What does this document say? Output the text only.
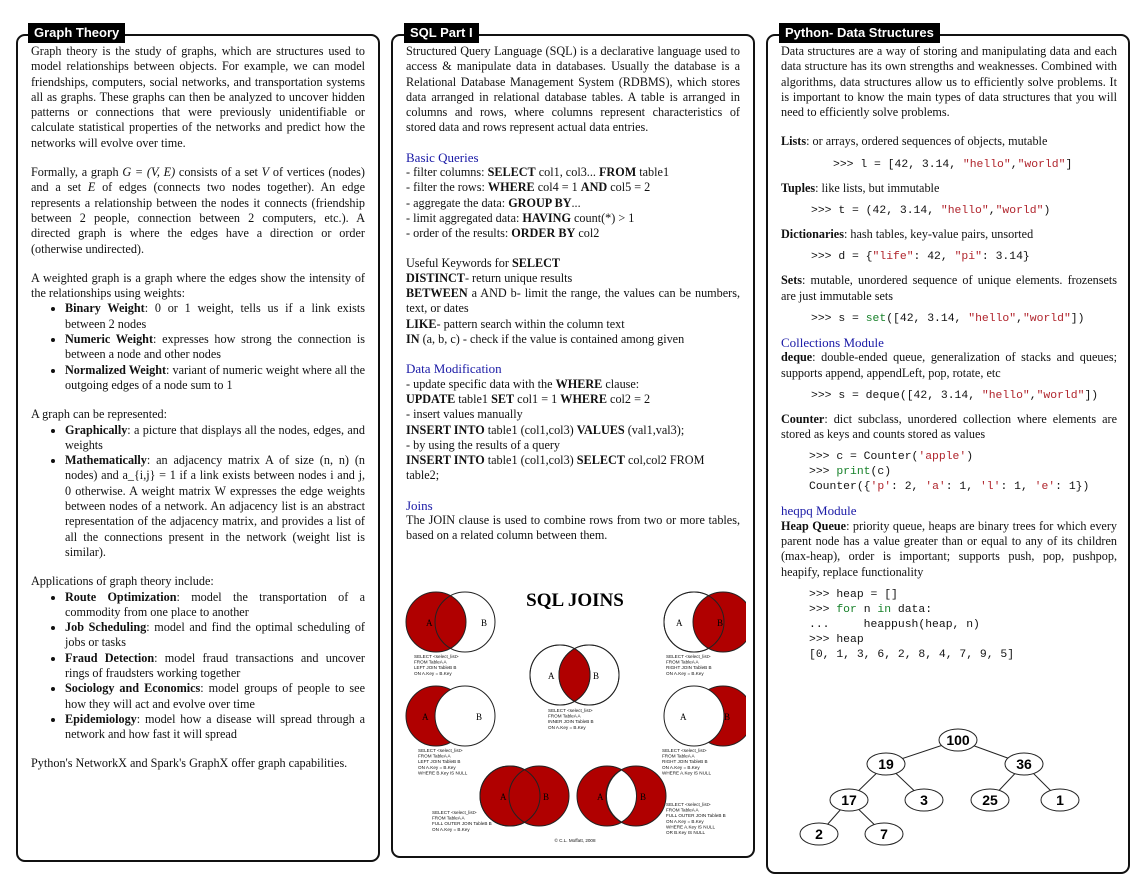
Graph Theory

Graph theory is the study of graphs, which are structures used to model relationships between objects. For example, we can model friendships, computers, social networks, and transportation systems all as graphs. These graphs can then be analyzed to uncover hidden patterns or connections that were previously unidentifiable or calculate statistical properties of the networks and predict how the networks will evolve over time.

Formally, a graph G = (V, E) consists of a set V of vertices (nodes) and a set E of edges (connects two nodes together). An edge represents a relationship between the nodes it connects (friendship between 2 people, connection between 2 computers, etc.). A directed graph is where the edges have a direction or order (otherwise undirected).

A weighted graph is a graph where the edges show the intensity of the relationships using weights:

• Binary Weight: 0 or 1 weight, tells us if a link exists between 2 nodes
• Numeric Weight: expresses how strong the connection is between a node and other nodes
• Normalized Weight: variant of numeric weight where all the outgoing edges of a node sum to 1

A graph can be represented:

• Graphically: a picture that displays all the nodes, edges, and weights
• Mathematically: an adjacency matrix A of size (n, n) (n nodes) and a_{i,j} = 1 if a link exists between nodes i and j, 0 otherwise. A weight matrix W expresses the edge weights between nodes of a network. An adjacency list is an abstract representation of the adjacency matrix, and provides a list of all the connections present in the network (weight list is similar).

Applications of graph theory include:

• Route Optimization: model the transportation of a commodity from one place to another
• Job Scheduling: model and find the optimal scheduling of jobs or tasks
• Fraud Detection: model fraud transactions and uncover rings of fraudsters working together
• Sociology and Economics: model groups of people to see how they will act and evolve over time
• Epidemiology: model how a disease will spread through a network and how fast it will spread

Python's NetworkX and Spark's GraphX offer graph capabilities.

SQL Part I

Structured Query Language (SQL) is a declarative language used to access & manipulate data in databases. Usually the database is a Relational Database Management System (RDBMS), which stores data arranged in relational database tables. A table is arranged in columns and rows, where columns represent characteristics of stored data and rows represent actual data entries.

Basic Queries

- filter columns: SELECT col1, col3... FROM table1

- filter the rows: WHERE col4 = 1 AND col5 = 2

- aggregate the data: GROUP BY...

- limit aggregated data: HAVING count(*) > 1

- order of the results: ORDER BY col2

Useful Keywords for SELECT

DISTINCT- return unique results

BETWEEN a AND b- limit the range, the values can be numbers, text, or dates

LIKE- pattern search within the column text

IN (a, b, c) - check if the value is contained among given

Data Modification

- update specific data with the WHERE clause:

UPDATE table1 SET col1 = 1 WHERE col2 = 2

- insert values manually

INSERT INTO table1 (col1,col3) VALUES (val1,val3);

- by using the results of a query

INSERT INTO table1 (col1,col3) SELECT col,col2 FROM table2;

Joins

The JOIN clause is used to combine rows from two or more tables, based on a related column between them.

SQL JOINS
A	B	A	B
A	B
A	B	A	B
A	B	A	B
SELECT <select_list> FROM TableA A LEFT JOIN TableB B ON A.Key = B.Key
SELECT <select_list> FROM TableA A RIGHT JOIN TableB B ON A.Key = B.Key
SELECT <select_list> FROM TableA A INNER JOIN TableB B ON A.Key = B.Key
SELECT <select_list> FROM TableA A LEFT JOIN TableB B ON A.Key = B.Key WHERE B.Key IS NULL
SELECT <select_list> FROM TableA A RIGHT JOIN TableB B ON A.Key = B.Key WHERE A.Key IS NULL
SELECT <select_list> FROM TableA A FULL OUTER JOIN TableB B ON A.Key = B.Key
SELECT <select_list> FROM TableA A FULL OUTER JOIN TableB B ON A.Key = B.Key WHERE A.Key IS NULL OR B.Key IS NULL
© C.L. Moffatt, 2008
Python- Data Structures

Data structures are a way of storing and manipulating data and each data structure has its own strengths and weaknesses. Combined with algorithms, data structures allow us to efficiently solve problems. It is important to know the main types of data structures that you will need to efficiently solve problems.

Lists: or arrays, ordered sequences of objects, mutable

>>> l = [42, 3.14, "hello","world"]

Tuples: like lists, but immutable

>>> t = (42, 3.14, "hello","world")

Dictionaries: hash tables, key-value pairs, unsorted

>>> d = {"life": 42, "pi": 3.14}

Sets: mutable, unordered sequence of unique elements. frozensets are just immutable sets

>>> s = set([42, 3.14, "hello","world"])

Collections Module

deque: double-ended queue, generalization of stacks and queues; supports append, appendLeft, pop, rotate, etc

>>> s = deque([42, 3.14, "hello","world"])

Counter: dict subclass, unordered collection where elements are stored as keys and counts stored as values

>>> c = Counter('apple')
>>> print(c)
Counter({'p': 2, 'a': 1, 'l': 1, 'e': 1})

heqpq Module

Heap Queue: priority queue, heaps are binary trees for which every parent node has a value greater than or equal to any of its children (max-heap), order is important; supports push, pop, pushpop, heapify, replace functionality

>>> heap = []
>>> for n in data:
...     heappush(heap, n)
>>> heap
[0, 1, 3, 6, 2, 8, 4, 7, 9, 5]
100
19	36
17	3	25	1
2	7
